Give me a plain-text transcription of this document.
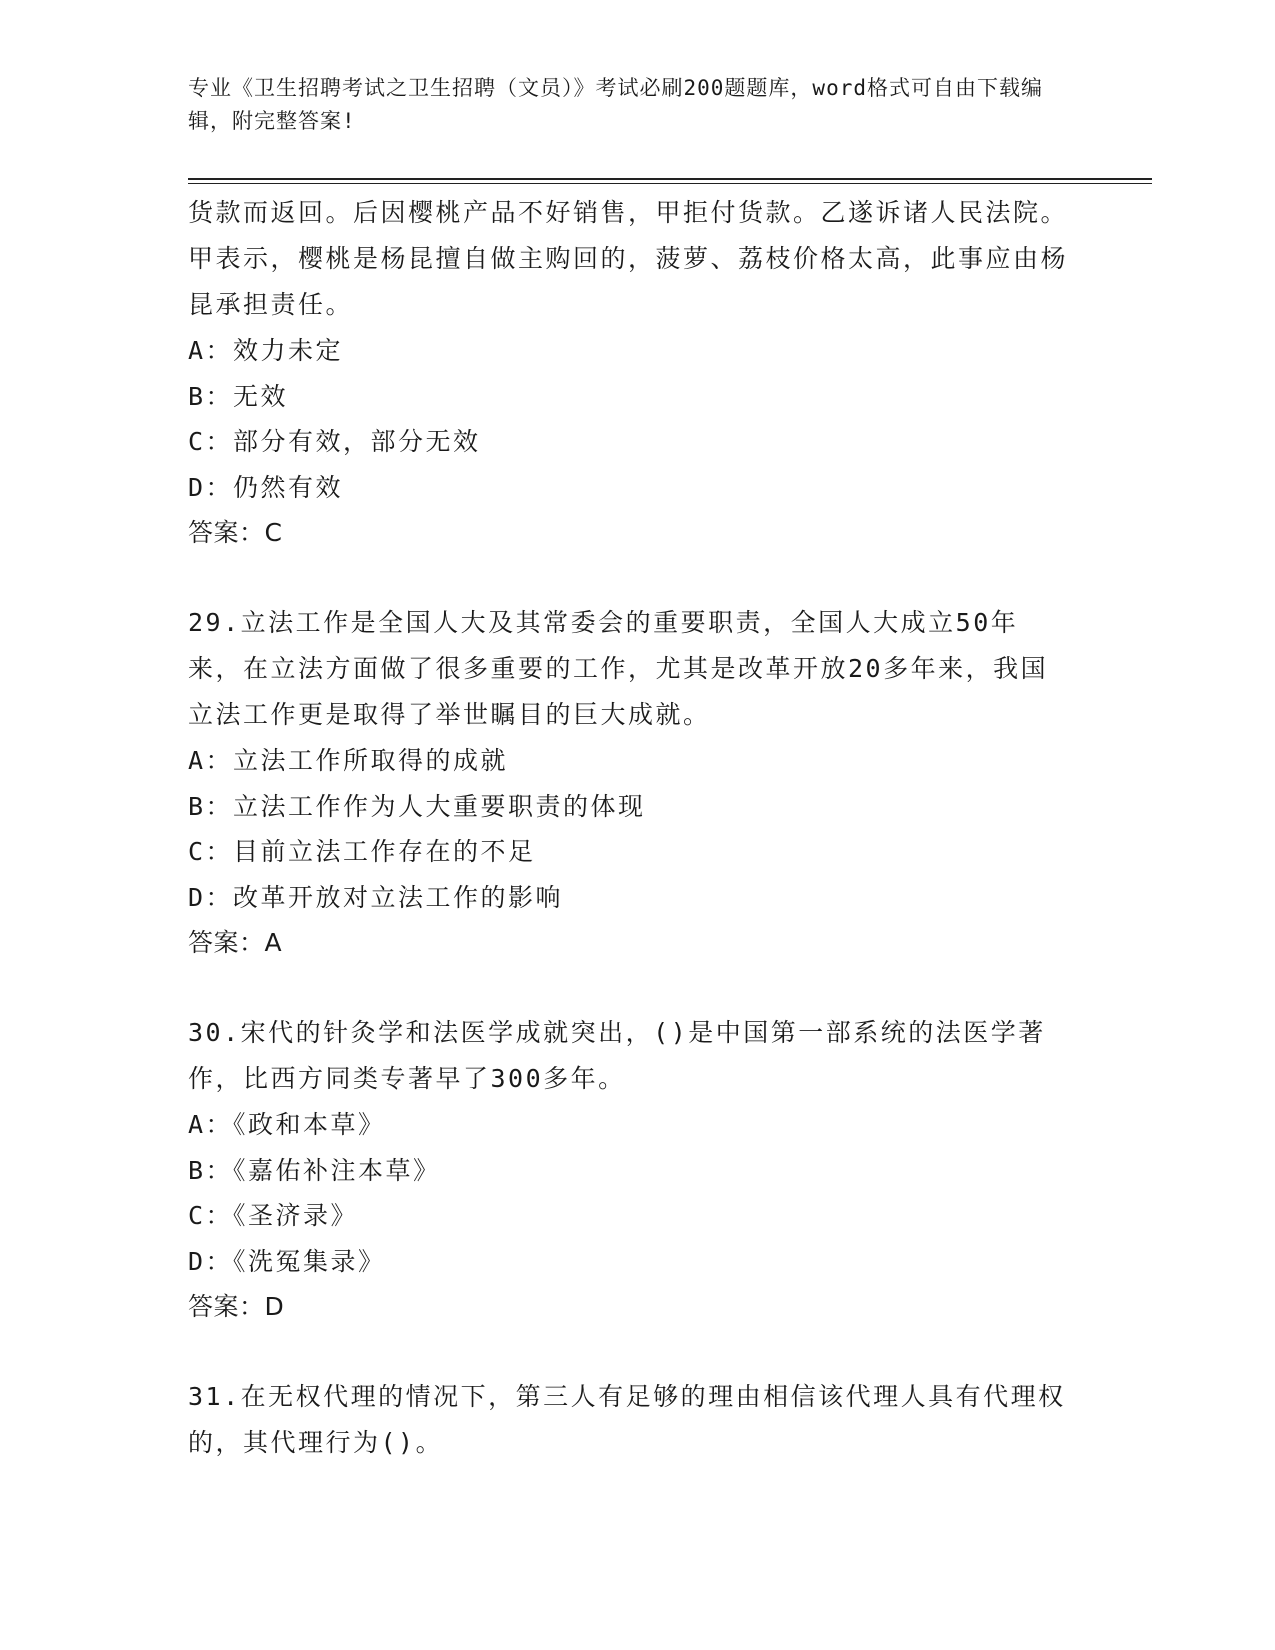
专业《卫生招聘考试之卫生招聘（文员）》考试必刷200题题库，word格式可自由下载编辑，附完整答案!
货款而返回。后因樱桃产品不好销售，甲拒付货款。乙遂诉诸人民法院。甲表示，樱桃是杨昆擅自做主购回的，菠萝、荔枝价格太高，此事应由杨昆承担责任。
A：效力未定
B：无效
C：部分有效，部分无效
D：仍然有效
答案：C
29.立法工作是全国人大及其常委会的重要职责，全国人大成立50年来，在立法方面做了很多重要的工作，尤其是改革开放20多年来，我国立法工作更是取得了举世瞩目的巨大成就。
A：立法工作所取得的成就
B：立法工作作为人大重要职责的体现
C：目前立法工作存在的不足
D：改革开放对立法工作的影响
答案：A
30.宋代的针灸学和法医学成就突出，()是中国第一部系统的法医学著作，比西方同类专著早了300多年。
A：《政和本草》
B：《嘉佑补注本草》
C：《圣济录》
D：《洗冤集录》
答案：D
31.在无权代理的情况下，第三人有足够的理由相信该代理人具有代理权的，其代理行为()。
